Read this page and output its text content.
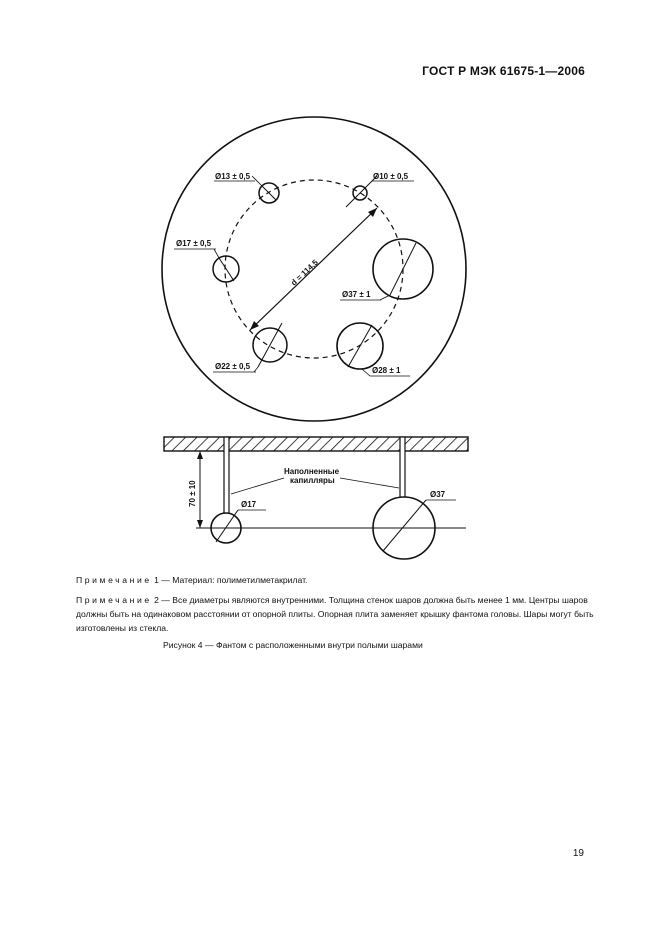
ГОСТ Р МЭК 61675-1—2006
d = 114,5
Ø13 ± 0,5	Ø10 ± 0,5
Ø17 ± 0,5
Ø37 ± 1
Ø22 ± 0,5	Ø28 ± 1
Ø17
Ø37
70 ± 10
Наполненные
капилляры
Примечание 1 — Материал: полиметилметакрилат.
Примечание 2 — Все диаметры являются внутренними. Толщина стенок шаров должна быть менее 1 мм. Центры шаров должны быть на одинаковом расстоянии от опорной плиты. Опорная плита заменяет крышку фантома головы. Шары могут быть изготовлены из стекла.
Рисунок 4 — Фантом с расположенными внутри полыми шарами
19
